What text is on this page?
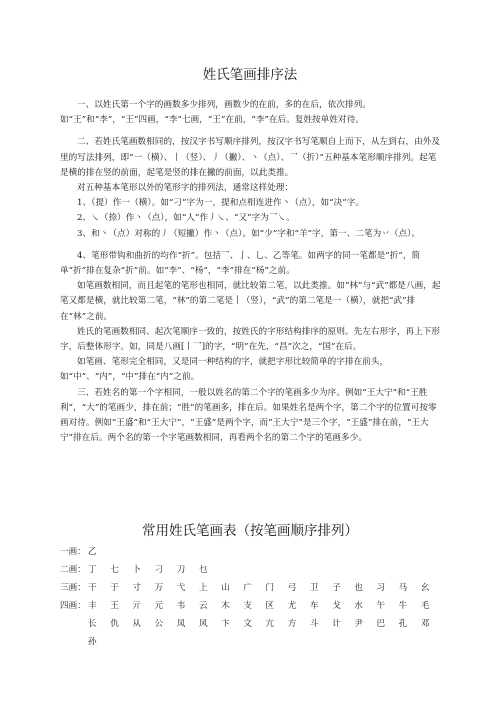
姓氏笔画排序法

一、以姓氏第一个字的画数多少排列，画数少的在前，多的在后，依次排列。如“王”和“李”，“王”四画，“李”七画，“王”在前，“李”在后。复姓按单姓对待。

二、若姓氏笔画数相同的，按汉字书写顺序排列，按汉字书写笔顺自上而下，从左到右，由外及里的写法排列，即“一（横）、丨（竖）、丿（撇）、丶（点）、乛（折）”五种基本笔形顺序排列。起笔是横的排在竖的前面，起笔是竖的排在撇的前面，以此类推。

对五种基本笔形以外的笔形字的排列法，通常这样处理：

1、（提）作一（横）。如“刁”字为一，提和点相连进作丶（点），如“决”字。

2、㇏（捺）作丶（点），如“人”作丿㇏、“又”字为乛㇏。

3、和丶（点）对称的丿（短撇）作丶（点）。如“少”字和“羊”字，第一、二笔为丷（点）。

4、笔形带钩和曲折的均作“折”。包括乛、亅、乚、乙等笔。如两字的同一笔都是“折”，简单“折”排在复杂“折”前。如“李”、“杨”，“李”排在“杨”之前。

如笔画数相同，而且起笔的笔形也相同，就比较第二笔，以此类推。如“林”与“武”都是八画，起笔又都是横，就比较第二笔，“林”的第二笔是丨（竖），“武”的第二笔是一（横），就把“武”排在“林”之前。

姓氏的笔画数相同、起次笔顺序一致的，按姓氏的字形结构排序的原则。先左右形字，再上下形字，后整体形字。如，同是八画[丨乛]的字，“明”在先，“昌”次之，“国”在后。

如笔画、笔形完全相同，又是同一种结构的字，就把字形比较简单的字排在前头，如“中”、“内”，“中”排在“内”之前。

三、若姓名的第一个字相同，一般以姓名的第二个字的笔画多少为序。例如“王大宁”和“王胜利”，“大”的笔画少，排在前；“胜”的笔画多，排在后。如果姓名是两个字，第二个字的位置可按零画对待。例如“王盛”和“王大宁”，“王盛”是两个字，而“王大宁”是三个字，“王盛”排在前，“王大宁”排在后。两个名的第一个字笔画数相同，再看两个名的第二个字的笔画多少。

常用姓氏笔画表（按笔画顺序排列）
一画： 乙
二画： 丁	七	卜	刁	刀	乜
三画： 干	于	寸	万	弋	上	山	广	门	弓	卫	子	也	习	马	幺
四画： 丰	王	亓	元	韦	云	木	支	区	尤	车	戈	水	午	牛	毛
长	仇	从	公	凤	风	卞	文	亢	方	斗	计	尹	巴	孔	邓
孙
